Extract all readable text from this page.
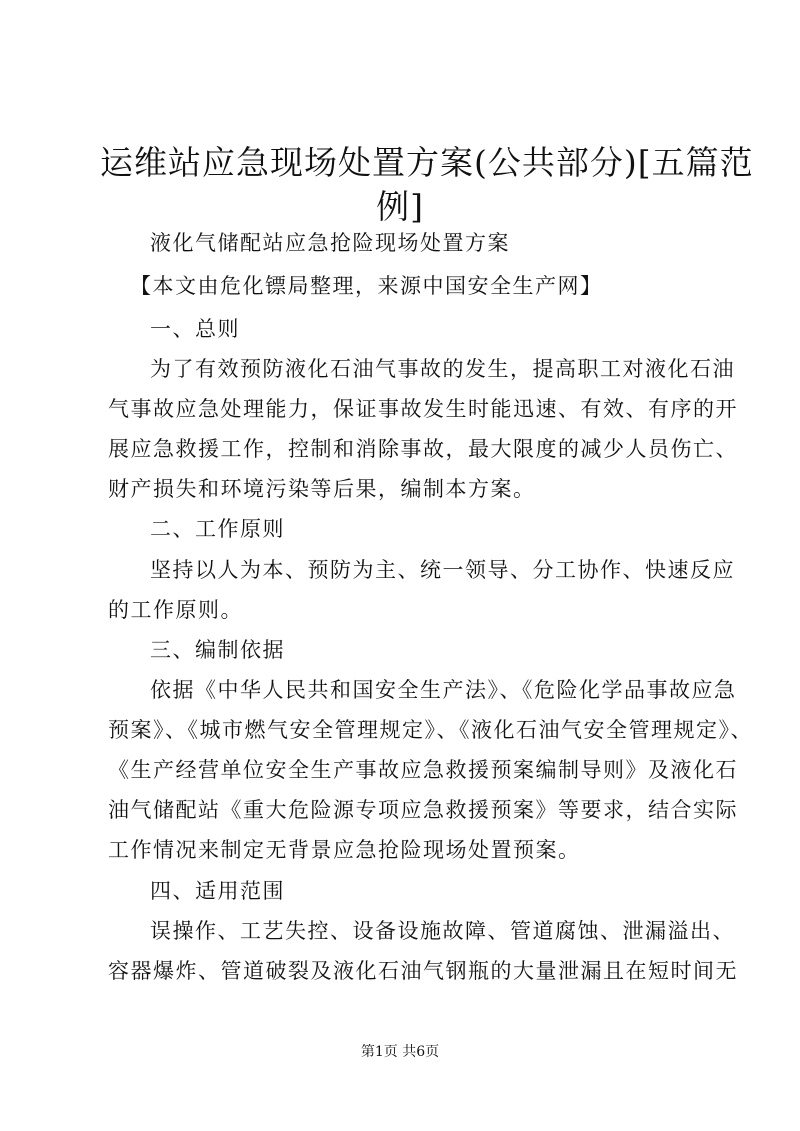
运维站应急现场处置方案(公共部分)[五篇范
例]
液化气储配站应急抢险现场处置方案
【本文由危化镖局整理，来源中国安全生产网】
一、总则
为了有效预防液化石油气事故的发生，提高职工对液化石油
气事故应急处理能力，保证事故发生时能迅速、有效、有序的开
展应急救援工作，控制和消除事故，最大限度的减少人员伤亡、
财产损失和环境污染等后果，编制本方案。
二、工作原则
坚持以人为本、预防为主、统一领导、分工协作、快速反应
的工作原则。
三、编制依据
依据《中华人民共和国安全生产法》、《危险化学品事故应急
预案》、《城市燃气安全管理规定》、《液化石油气安全管理规定》、
《生产经营单位安全生产事故应急救援预案编制导则》及液化石
油气储配站《重大危险源专项应急救援预案》等要求，结合实际
工作情况来制定无背景应急抢险现场处置预案。
四、适用范围
误操作、工艺失控、设备设施故障、管道腐蚀、泄漏溢出、
容器爆炸、管道破裂及液化石油气钢瓶的大量泄漏且在短时间无
第1页 共6页
